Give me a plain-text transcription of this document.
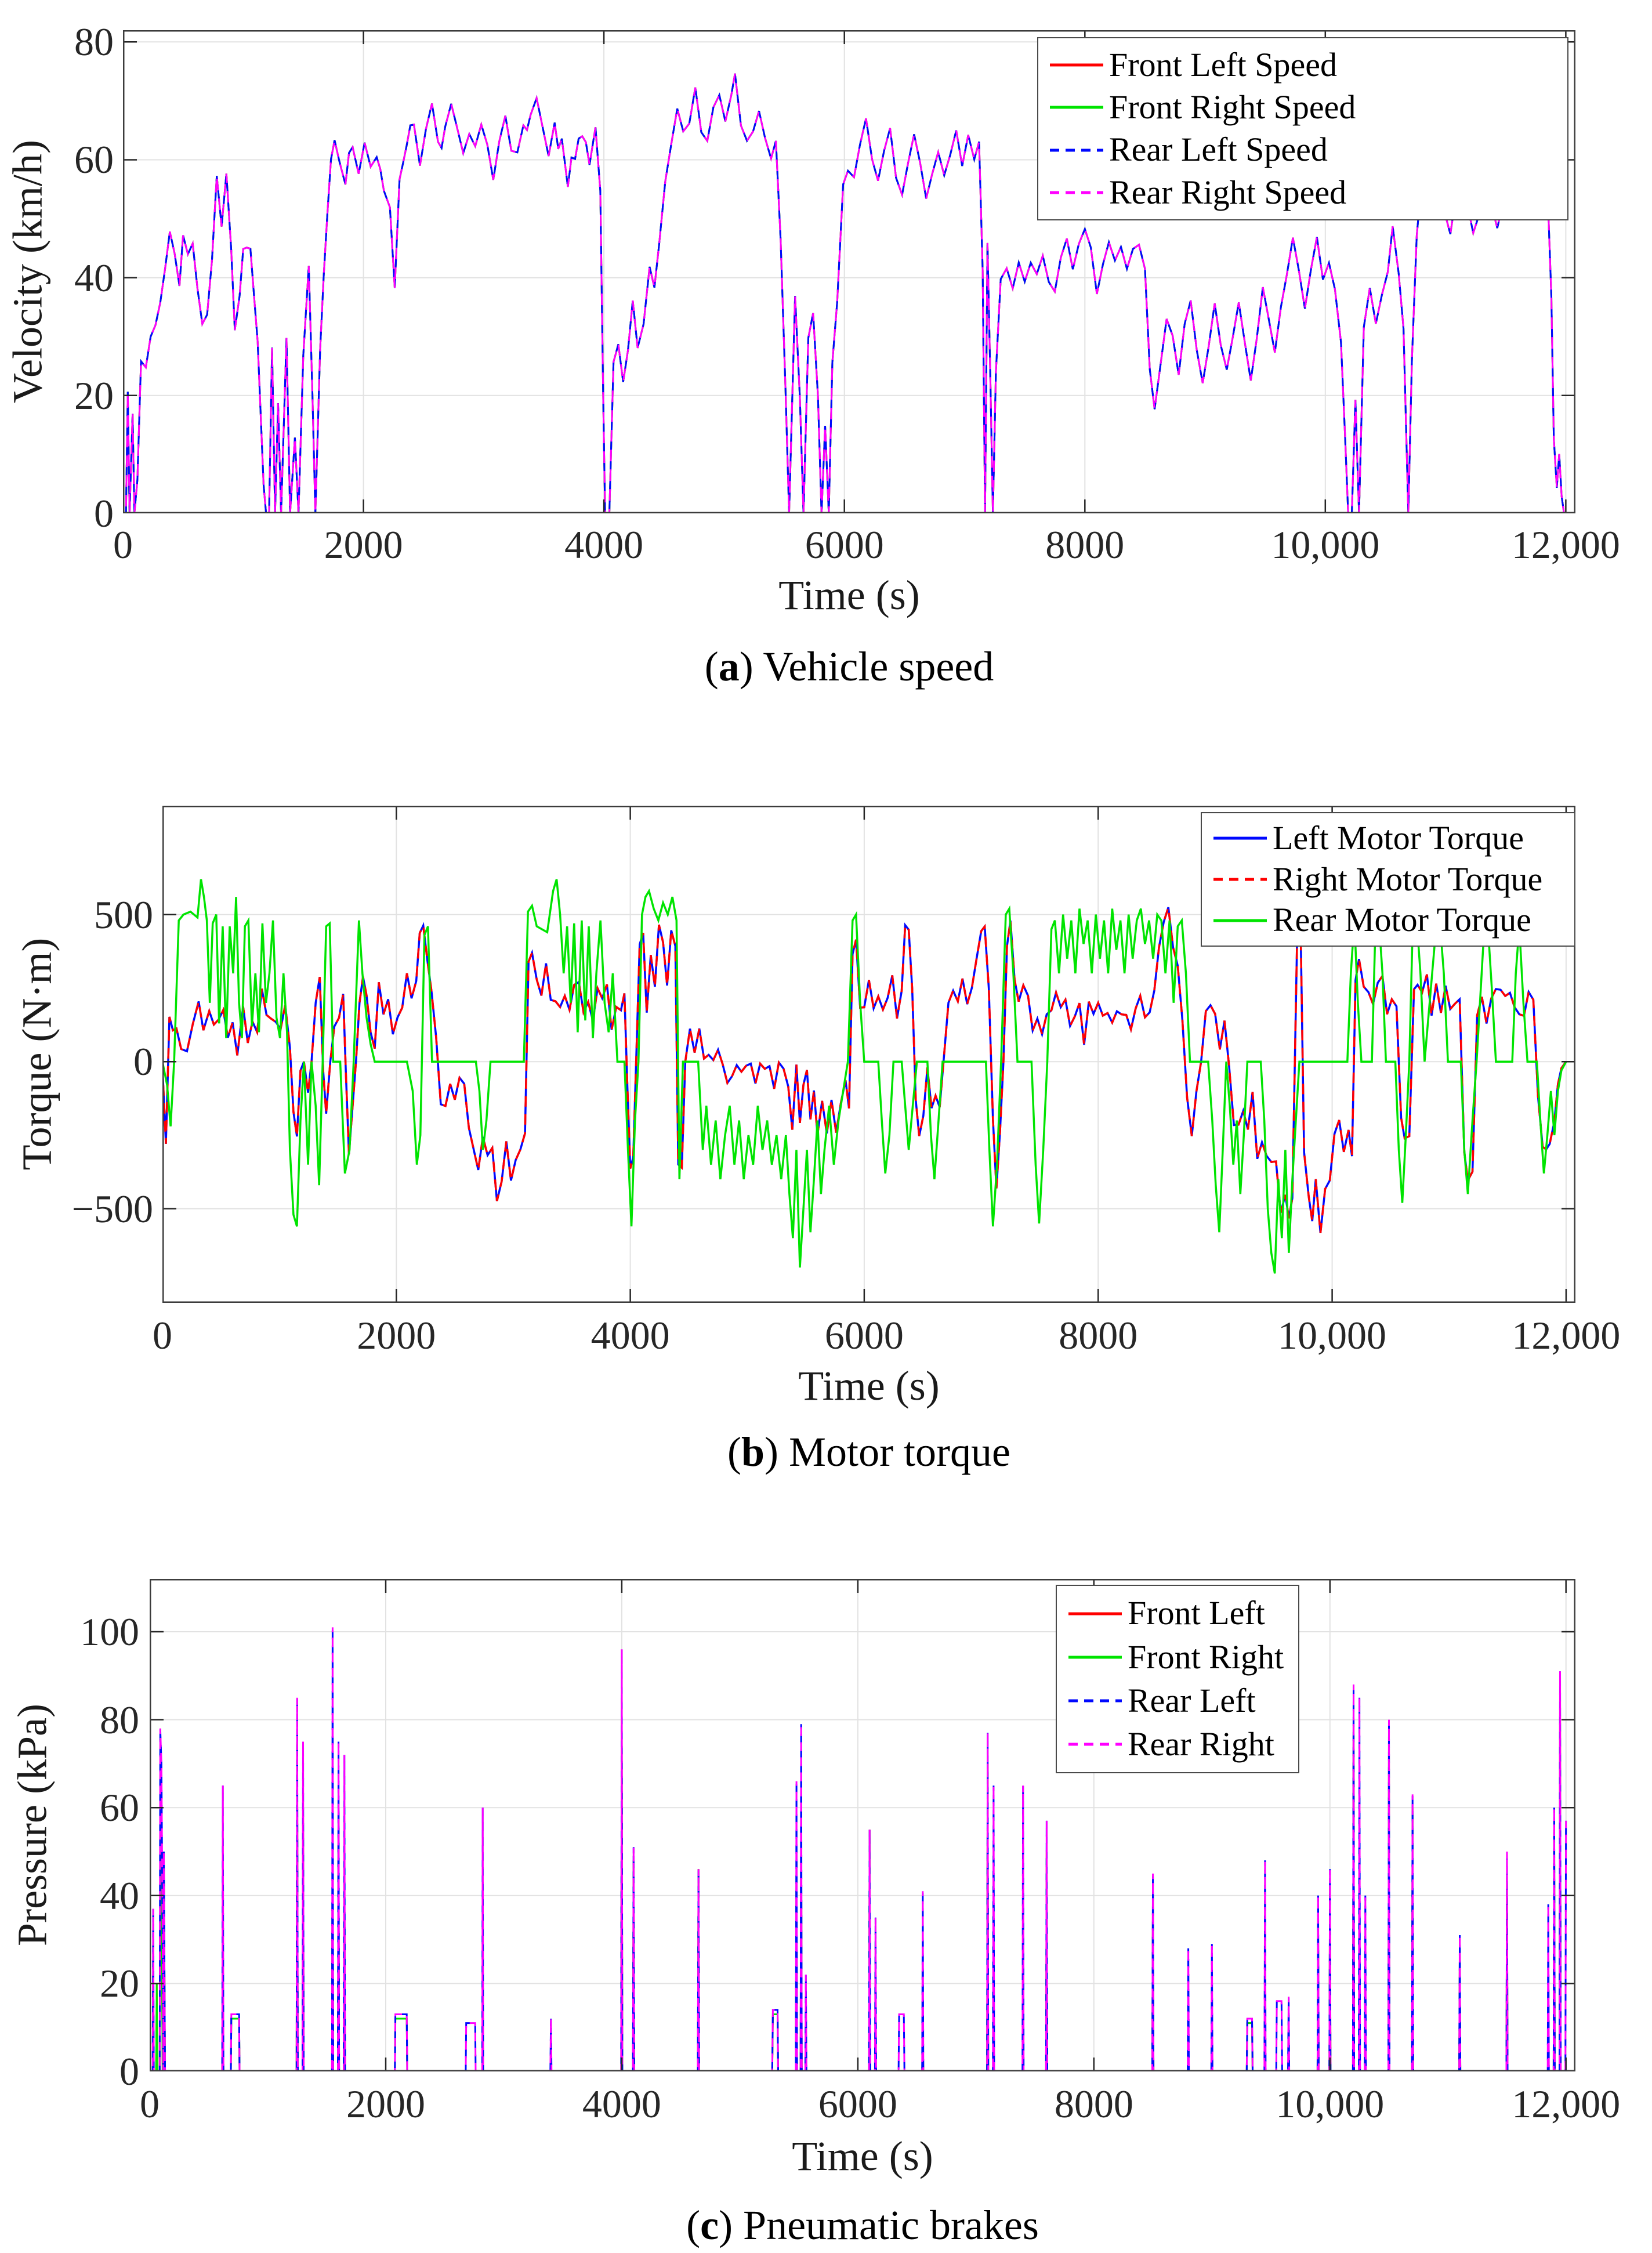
Velocity (km/h)
Time (s)
(a) Vehicle speed
Front Left Speed
Front Right Speed
Rear Left Speed
Rear Right Speed
Torque (N·m)
Time (s)
(b) Motor torque
Left Motor Torque
Right Motor Torque
Rear Motor Torque
Pressure (kPa)
Time (s)
(c) Pneumatic brakes
Front Left
Front Right
Rear Left
Rear Right
0	2000	4000	6000	8000	10,000	12,000
0
20
40
60
80
0	2000	4000	6000	8000	10,000	12,000
500
0
−500
0	2000	4000	6000	8000	10,000	12,000
0
20
40
60
80
100
